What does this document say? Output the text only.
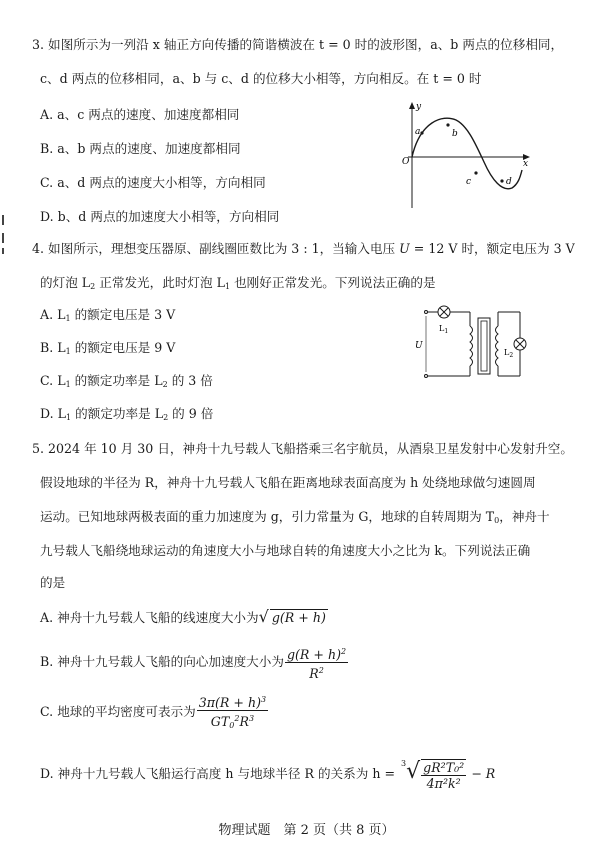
3. 如图所示为一列沿 x 轴正方向传播的简谐横波在 t = 0 时的波形图，a、b 两点的位移相同，
c、d 两点的位移相同，a、b 与 c、d 的位移大小相等，方向相反。在 t = 0 时
A. a、c 两点的速度、加速度都相同
B. a、b 两点的速度、加速度都相同
C. a、d 两点的速度大小相等，方向相同
D. b、d 两点的加速度大小相等，方向相同
y
x
O
a	b
c	d
4. 如图所示，理想变压器原、副线圈匝数比为 3 : 1，当输入电压 U = 12 V 时，额定电压为 3 V
的灯泡 $L_2$ 正常发光，此时灯泡 $L_1$ 也刚好正常发光。下列说法正确的是
A. $L_1$ 的额定电压是 3 V
B. $L_1$ 的额定电压是 9 V
C. $L_1$ 的额定功率是 $L_2$ 的 3 倍
D. $L_1$ 的额定功率是 $L_2$ 的 9 倍
$L_1$
$L_2$
U
5. 2024 年 10 月 30 日，神舟十九号载人飞船搭乘三名宇航员，从酒泉卫星发射中心发射升空。
假设地球的半径为 R，神舟十九号载人飞船在距离地球表面高度为 h 处绕地球做匀速圆周
运动。已知地球两极表面的重力加速度为 g，引力常量为 G，地球的自转周期为 $T_0$，神舟十
九号载人飞船绕地球运动的角速度大小与地球自转的角速度大小之比为 k。下列说法正确
的是
A. 神舟十九号载人飞船的线速度大小为√ g(R + h)
B. 神舟十九号载人飞船的向心加速度大小为 $\frac{g(R + h)^2}{R^2}$
C. 地球的平均密度可表示为 $\frac{3\pi(R + h)^3}{GT_0^2R^3}$
D. 神舟十九号载人飞船运行高度 h 与地球半径 R 的关系为 $h = ^3√ \frac{\text{gR²T₀²}}{\text{4π²k²}} - R$
物理试题　第 2 页（共 8 页）
